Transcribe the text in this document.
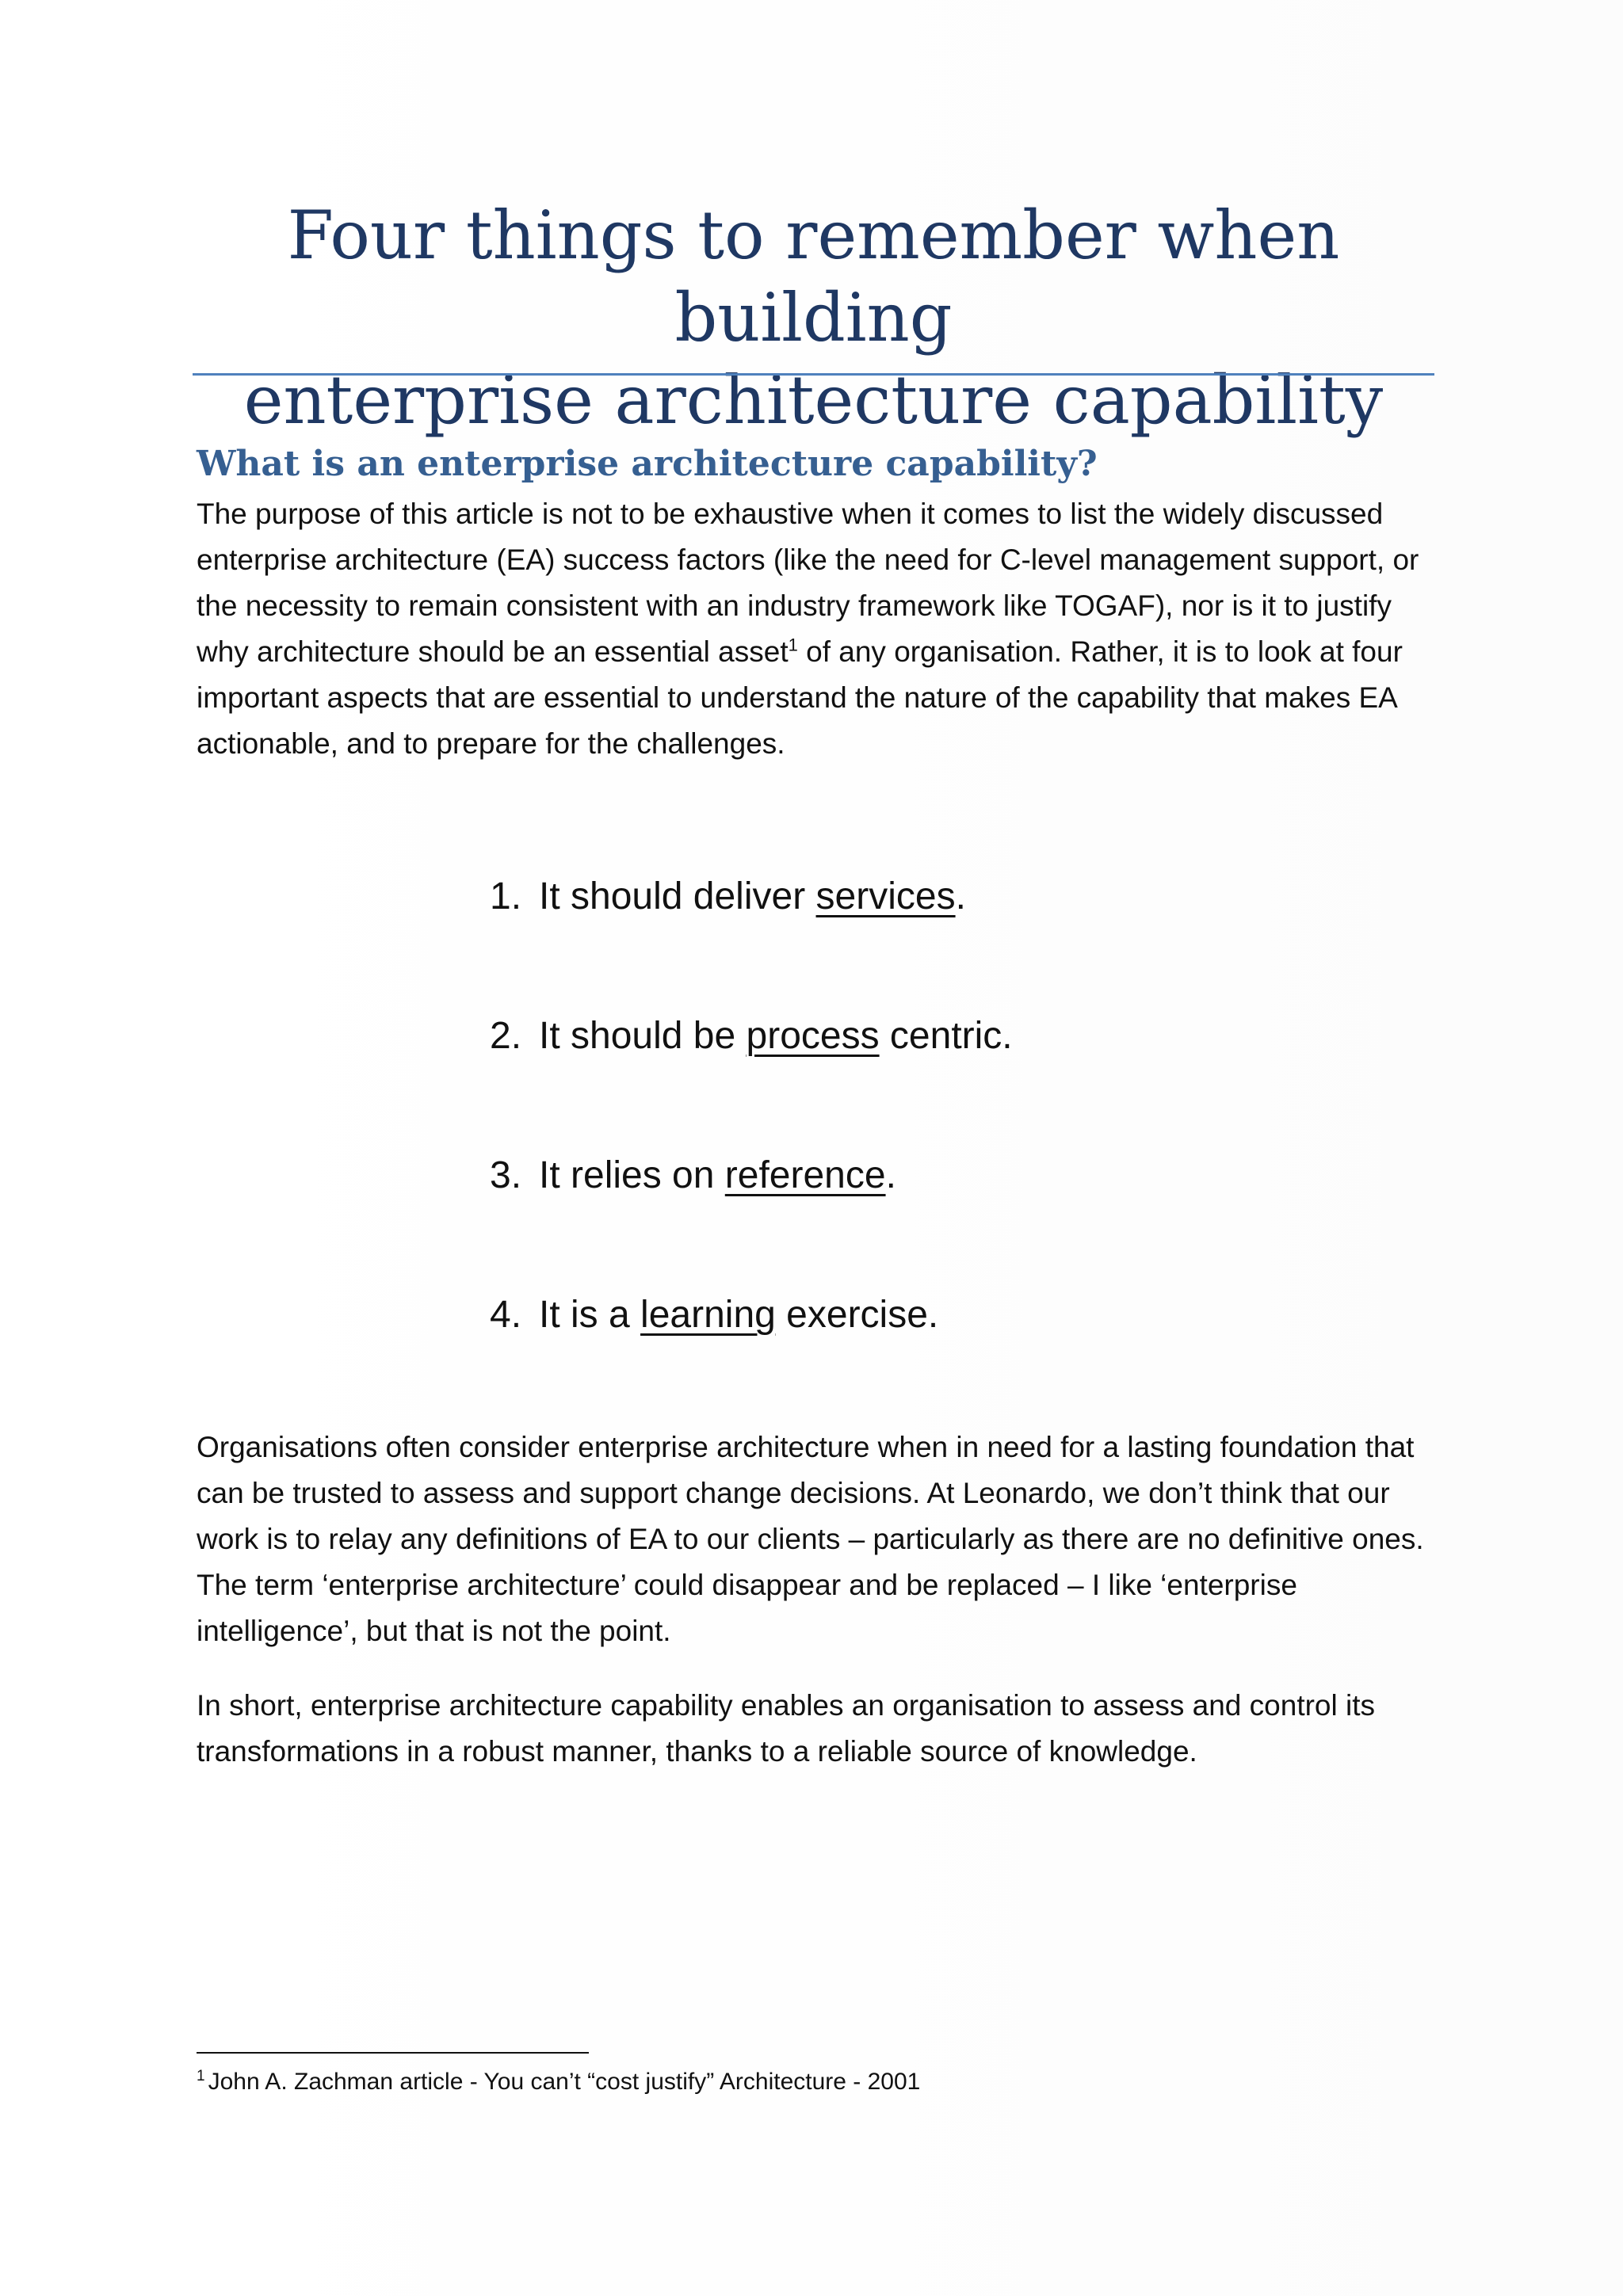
Four things to remember when building
enterprise architecture capability
What is an enterprise architecture capability?

The purpose of this article is not to be exhaustive when it comes to list the widely discussed enterprise architecture (EA) success factors (like the need for C-level management support, or the necessity to remain consistent with an industry framework like TOGAF), nor is it to justify why architecture should be an essential asset$^1$ of any organisation. Rather, it is to look at four important aspects that are essential to understand the nature of the capability that makes EA actionable, and to prepare for the challenges.

1. It should deliver services.
2. It should be process centric.
3. It relies on reference.
4. It is a learning exercise.

Organisations often consider enterprise architecture when in need for a lasting foundation that can be trusted to assess and support change decisions. At Leonardo, we don’t think that our work is to relay any definitions of EA to our clients – particularly as there are no definitive ones. The term ‘enterprise architecture’ could disappear and be replaced – I like ‘enterprise intelligence’, but that is not the point.

In short, enterprise architecture capability enables an organisation to assess and control its transformations in a robust manner, thanks to a reliable source of knowledge.

$^1$ John A. Zachman article - You can’t “cost justify” Architecture - 2001
